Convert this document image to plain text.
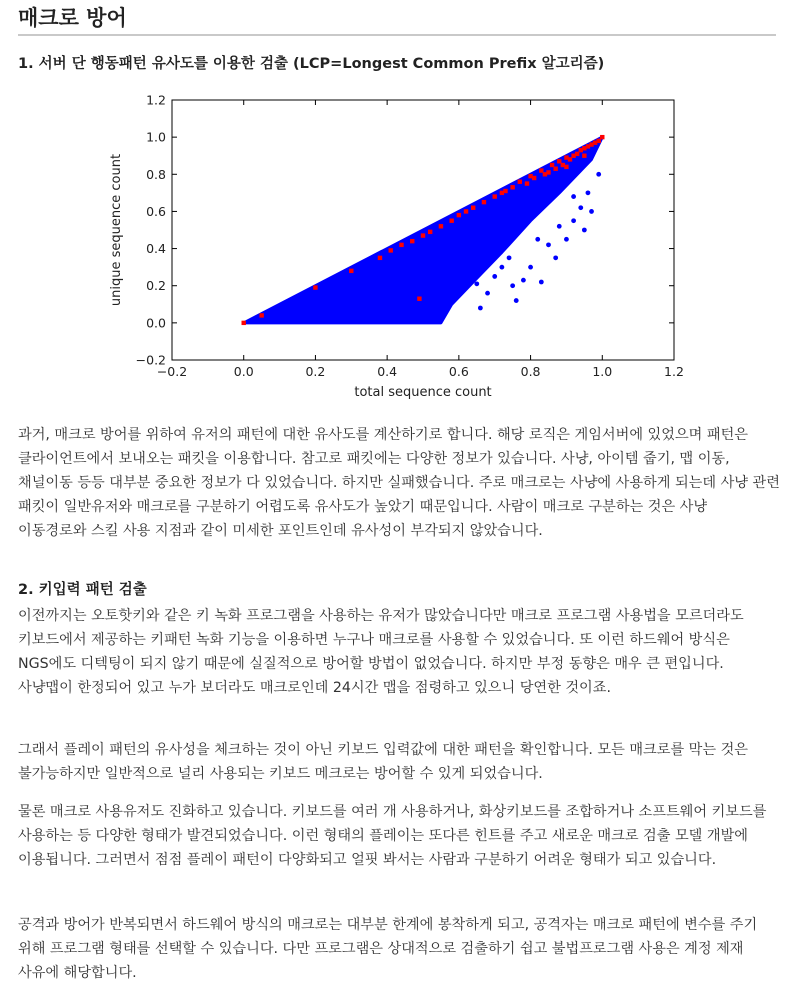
매크로 방어
1. 서버 단 행동패턴 유사도를 이용한 검출 (LCP=Longest Common Prefix 알고리즘)
−0.2	0.0	0.2	0.4	0.6	0.8	1.0	1.2
−0.2
0.0
0.2
0.4
0.6
0.8
1.0
1.2
total sequence count
unique sequence count

과거, 매크로 방어를 위하여 유저의 패턴에 대한 유사도를 계산하기로 합니다. 해당 로직은 게임서버에 있었으며 패턴은 클라이언트에서 보내오는 패킷을 이용합니다. 참고로 패킷에는 다양한 정보가 있습니다. 사냥, 아이템 줍기, 맵 이동, 채널이동 등등 대부분 중요한 정보가 다 있었습니다. 하지만 실패했습니다. 주로 매크로는 사냥에 사용하게 되는데 사냥 관련 패킷이 일반유저와 매크로를 구분하기 어렵도록 유사도가 높았기 때문입니다. 사람이 매크로 구분하는 것은 사냥 이동경로와 스킬 사용 지점과 같이 미세한 포인트인데 유사성이 부각되지 않았습니다.

2. 키입력 패턴 검출

이전까지는 오토핫키와 같은 키 녹화 프로그램을 사용하는 유저가 많았습니다만 매크로 프로그램 사용법을 모르더라도 키보드에서 제공하는 키패턴 녹화 기능을 이용하면 누구나 매크로를 사용할 수 있었습니다. 또 이런 하드웨어 방식은 NGS에도 디텍팅이 되지 않기 때문에 실질적으로 방어할 방법이 없었습니다. 하지만 부정 동향은 매우 큰 편입니다. 사냥맵이 한정되어 있고 누가 보더라도 매크로인데 24시간 맵을 점령하고 있으니 당연한 것이죠.

그래서 플레이 패턴의 유사성을 체크하는 것이 아닌 키보드 입력값에 대한 패턴을 확인합니다. 모든 매크로를 막는 것은 불가능하지만 일반적으로 널리 사용되는 키보드 메크로는 방어할 수 있게 되었습니다.

물론 매크로 사용유저도 진화하고 있습니다. 키보드를 여러 개 사용하거나, 화상키보드를 조합하거나 소프트웨어 키보드를 사용하는 등 다양한 형태가 발견되었습니다. 이런 형태의 플레이는 또다른 힌트를 주고 새로운 매크로 검출 모델 개발에 이용됩니다. 그러면서 점점 플레이 패턴이 다양화되고 얼핏 봐서는 사람과 구분하기 어려운 형태가 되고 있습니다.

공격과 방어가 반복되면서 하드웨어 방식의 매크로는 대부분 한계에 봉착하게 되고, 공격자는 매크로 패턴에 변수를 주기 위해 프로그램 형태를 선택할 수 있습니다. 다만 프로그램은 상대적으로 검출하기 쉽고 불법프로그램 사용은 계정 제재 사유에 해당합니다.
